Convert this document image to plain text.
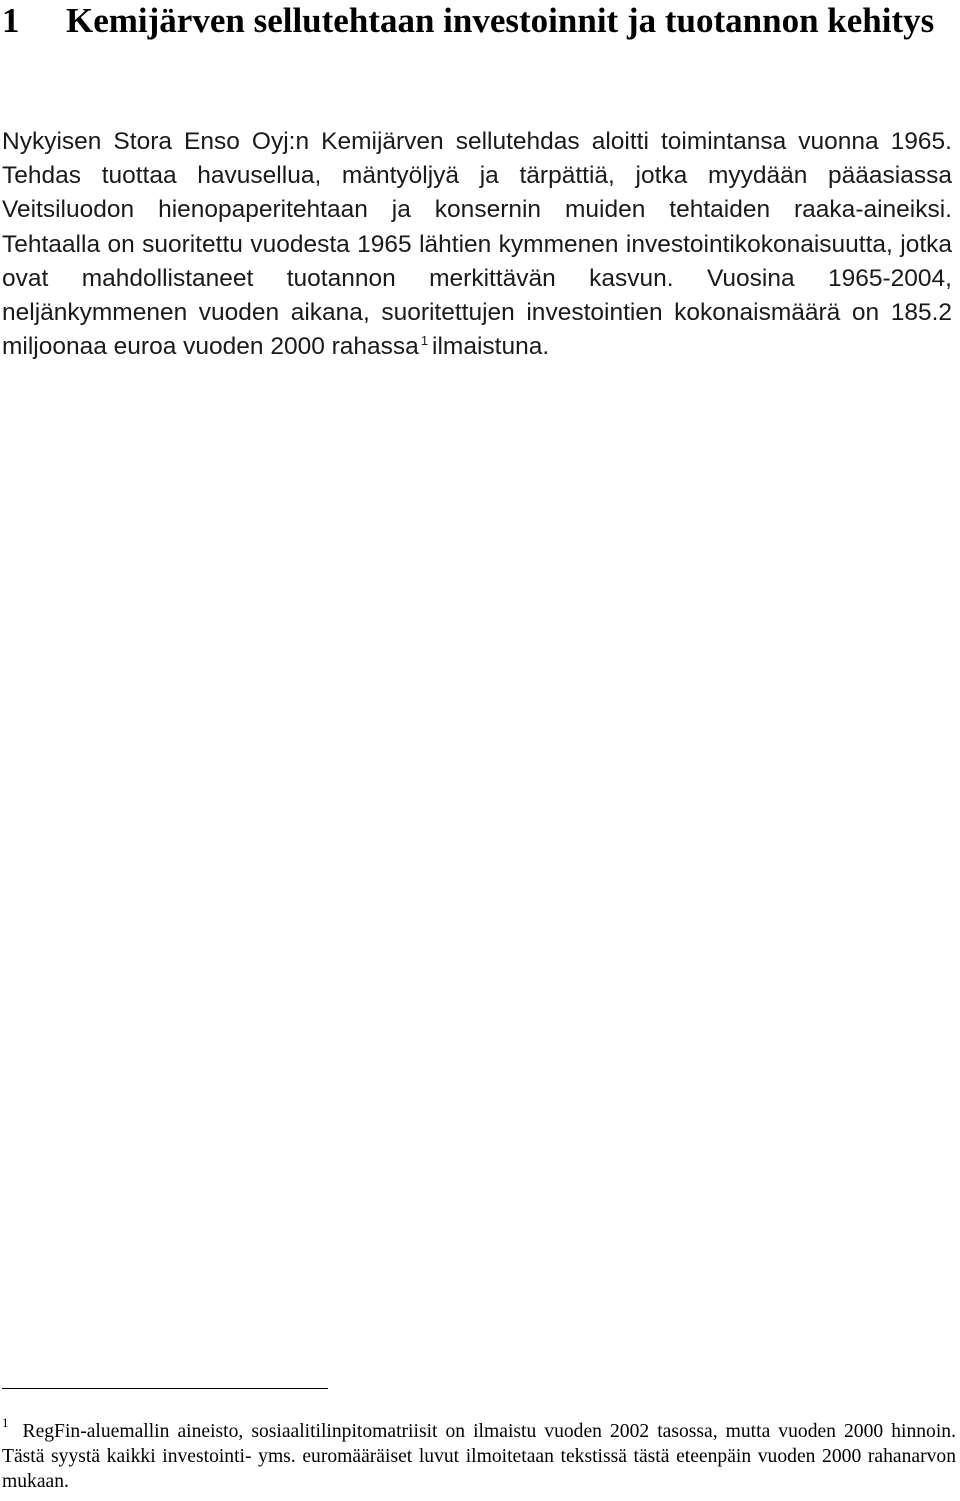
1	Kemijärven sellutehtaan investoinnit ja tuotannon kehitys

Nykyisen Stora Enso Oyj:n Kemijärven sellutehdas aloitti toimintansa vuonna 1965. Tehdas tuottaa havusellua, mäntyöljyä ja tärpättiä, jotka myydään pääasiassa Veitsiluodon hienopaperitehtaan ja konsernin muiden tehtaiden raaka-aineiksi. Tehtaalla on suoritettu vuodesta 1965 lähtien kymmenen investointikokonaisuutta, jotka ovat mahdollistaneet tuotannon merkittävän kasvun. Vuosina 1965-2004, neljänkymmenen vuoden aikana, suoritettujen investointien kokonaismäärä on 185.2 miljoonaa euroa vuoden 2000 rahassa $^1$ ilmaistuna.

$^1$ RegFin-aluemallin aineisto, sosiaalitilinpitomatriisit on ilmaistu vuoden 2002 tasossa, mutta vuoden 2000 hinnoin. Tästä syystä kaikki investointi- yms. euromääräiset luvut ilmoitetaan tekstissä tästä eteenpäin vuoden 2000 rahanarvon mukaan.
